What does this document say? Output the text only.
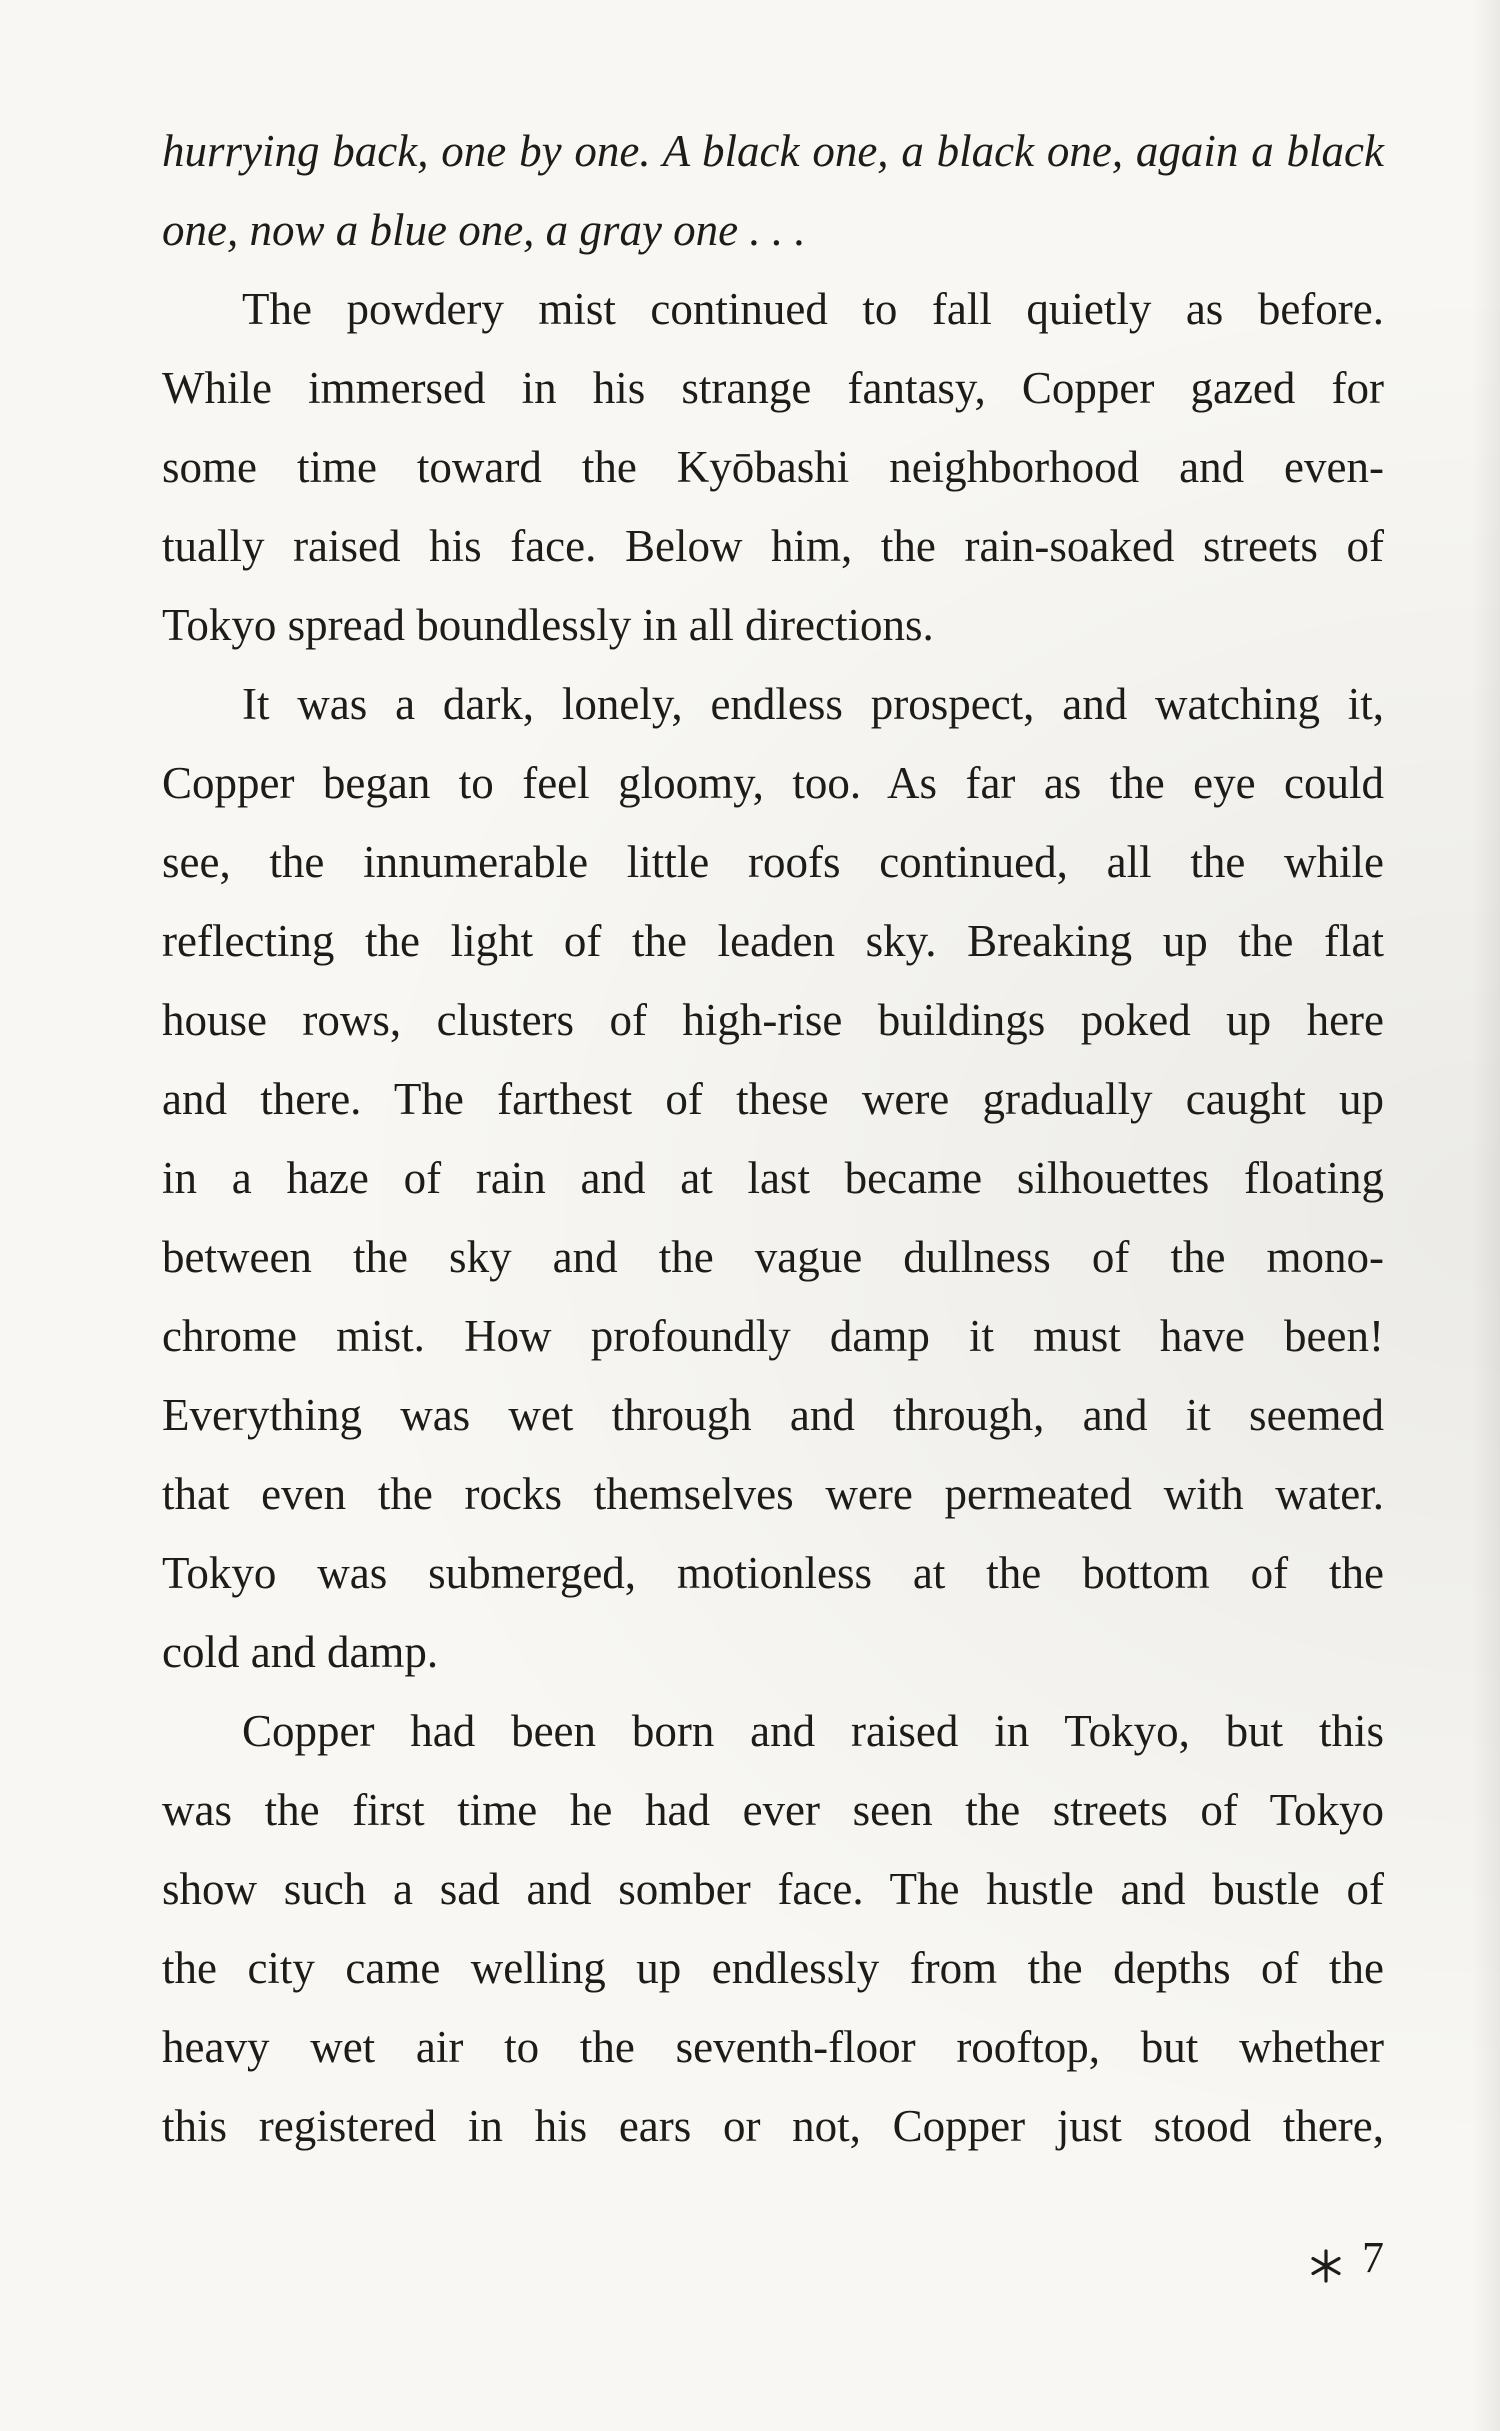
hurrying back, one by one. A black one, a black one, again a black
one, now a blue one, a gray one . . .
The powdery mist continued to fall quietly as before.
While immersed in his strange fantasy, Copper gazed for
some time toward the Kyōbashi neighborhood and even-
tually raised his face. Below him, the rain-soaked streets of
Tokyo spread boundlessly in all directions.
It was a dark, lonely, endless prospect, and watching it,
Copper began to feel gloomy, too. As far as the eye could
see, the innumerable little roofs continued, all the while
reflecting the light of the leaden sky. Breaking up the flat
house rows, clusters of high-rise buildings poked up here
and there. The farthest of these were gradually caught up
in a haze of rain and at last became silhouettes floating
between the sky and the vague dullness of the mono-
chrome mist. How profoundly damp it must have been!
Everything was wet through and through, and it seemed
that even the rocks themselves were permeated with water.
Tokyo was submerged, motionless at the bottom of the
cold and damp.
Copper had been born and raised in Tokyo, but this
was the first time he had ever seen the streets of Tokyo
show such a sad and somber face. The hustle and bustle of
the city came welling up endlessly from the depths of the
heavy wet air to the seventh-floor rooftop, but whether
this registered in his ears or not, Copper just stood there,
7
